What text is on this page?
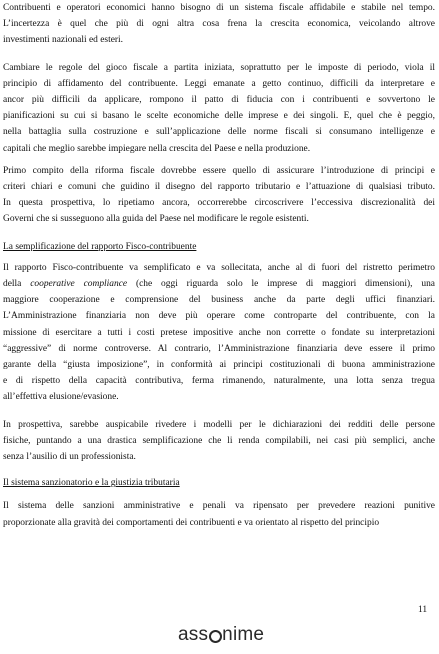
Contribuenti e operatori economici hanno bisogno di un sistema fiscale affidabile e stabile nel tempo.
L’incertezza è quel che più di ogni altra cosa frena la crescita economica, veicolando altrove
investimenti nazionali ed esteri.
Cambiare le regole del gioco fiscale a partita iniziata, soprattutto per le imposte di periodo, viola il
principio di affidamento del contribuente. Leggi emanate a getto continuo, difficili da interpretare e
ancor più difficili da applicare, rompono il patto di fiducia con i contribuenti e sovvertono le
pianificazioni su cui si basano le scelte economiche delle imprese e dei singoli. E, quel che è peggio,
nella battaglia sulla costruzione e sull’applicazione delle norme fiscali si consumano intelligenze e
capitali che meglio sarebbe impiegare nella crescita del Paese e nella produzione.
Primo compito della riforma fiscale dovrebbe essere quello di assicurare l’introduzione di principi e
criteri chiari e comuni che guidino il disegno del rapporto tributario e l’attuazione di qualsiasi tributo.
In questa prospettiva, lo ripetiamo ancora, occorrerebbe circoscrivere l’eccessiva discrezionalità dei
Governi che si susseguono alla guida del Paese nel modificare le regole esistenti.

La semplificazione del rapporto Fisco-contribuente

Il rapporto Fisco-contribuente va semplificato e va sollecitata, anche al di fuori del ristretto perimetro
della cooperative compliance (che oggi riguarda solo le imprese di maggiori dimensioni), una
maggiore cooperazione e comprensione del business anche da parte degli uffici finanziari.
L’Amministrazione finanziaria non deve più operare come controparte del contribuente, con la
missione di esercitare a tutti i costi pretese impositive anche non corrette o fondate su interpretazioni
“aggressive” di norme controverse. Al contrario, l’Amministrazione finanziaria deve essere il primo
garante della “giusta imposizione”, in conformità ai principi costituzionali di buona amministrazione
e di rispetto della capacità contributiva, ferma rimanendo, naturalmente, una lotta senza tregua
all’effettiva elusione/evasione.
In prospettiva, sarebbe auspicabile rivedere i modelli per le dichiarazioni dei redditi delle persone
fisiche, puntando a una drastica semplificazione che li renda compilabili, nei casi più semplici, anche
senza l’ausilio di un professionista.

Il sistema sanzionatorio e la giustizia tributaria

Il sistema delle sanzioni amministrative e penali va ripensato per prevedere reazioni punitive
proporzionate alla gravità dei comportamenti dei contribuenti e va orientato al rispetto del principio
11
ass nime
